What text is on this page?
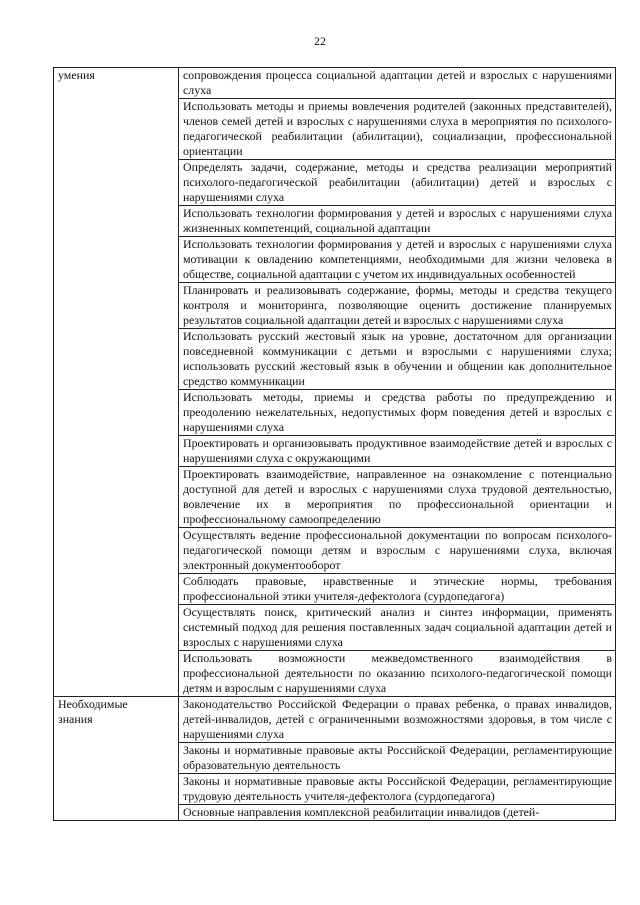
22
умения	сопровождения процесса социальной адаптации детей и взрослых с нарушениями слуха
	Использовать методы и приемы вовлечения родителей (законных представителей), членов семей детей и взрослых с нарушениями слуха в мероприятия по психолого-педагогической реабилитации (абилитации), социализации, профессиональной ориентации
	Определять задачи, содержание, методы и средства реализации мероприятий психолого-педагогической реабилитации (абилитации) детей и взрослых с нарушениями слуха
	Использовать технологии формирования у детей и взрослых с нарушениями слуха жизненных компетенций, социальной адаптации
	Использовать технологии формирования у детей и взрослых с нарушениями слуха мотивации к овладению компетенциями, необходимыми для жизни человека в обществе, социальной адаптации с учетом их индивидуальных особенностей
	Планировать и реализовывать содержание, формы, методы и средства текущего контроля и мониторинга, позволяющие оценить достижение планируемых результатов социальной адаптации детей и взрослых с нарушениями слуха
	Использовать русский жестовый язык на уровне, достаточном для организации повседневной коммуникации с детьми и взрослыми с нарушениями слуха; использовать русский жестовый язык в обучении и общении как дополнительное средство коммуникации
	Использовать методы, приемы и средства работы по предупреждению и преодолению нежелательных, недопустимых форм поведения детей и взрослых с нарушениями слуха
	Проектировать и организовывать продуктивное взаимодействие детей и взрослых с нарушениями слуха с окружающими
	Проектировать взаимодействие, направленное на ознакомление с потенциально доступной для детей и взрослых с нарушениями слуха трудовой деятельностью, вовлечение их в мероприятия по профессиональной ориентации и профессиональному самоопределению
	Осуществлять ведение профессиональной документации по вопросам психолого-педагогической помощи детям и взрослым с нарушениями слуха, включая электронный документооборот
	Соблюдать правовые, нравственные и этические нормы, требования профессиональной этики учителя-дефектолога (сурдопедагога)
	Осуществлять поиск, критический анализ и синтез информации, применять системный подход для решения поставленных задач социальной адаптации детей и взрослых с нарушениями слуха
	Использовать возможности межведомственного взаимодействия в профессиональной деятельности по оказанию психолого-педагогической помощи детям и взрослым с нарушениями слуха

Необходимые
знания	Законодательство Российской Федерации о правах ребенка, о правах инвалидов, детей-инвалидов, детей с ограниченными возможностями здоровья, в том числе с нарушениями слуха
	Законы и нормативные правовые акты Российской Федерации, регламентирующие образовательную деятельность
	Законы и нормативные правовые акты Российской Федерации, регламентирующие трудовую деятельность учителя-дефектолога (сурдопедагога)
	Основные направления комплексной реабилитации инвалидов (детей-
